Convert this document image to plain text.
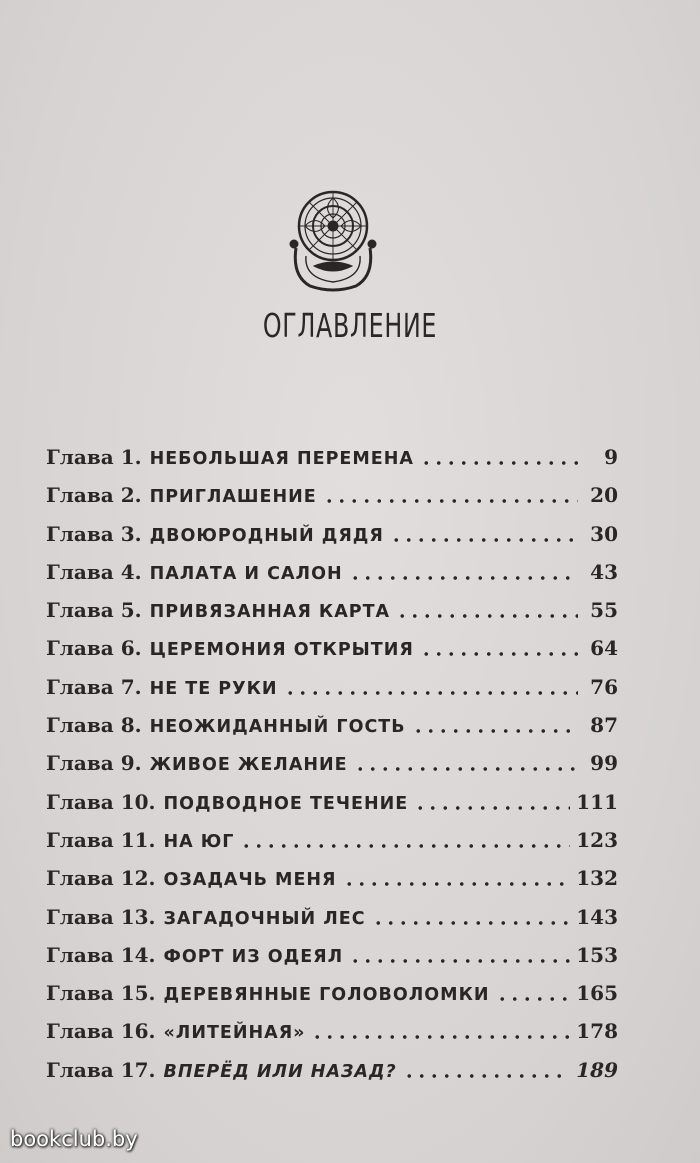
ОГЛАВЛЕНИЕ
Глава 1. НЕБОЛЬШАЯ ПЕРЕМЕНА	9
Глава 2. ПРИГЛАШЕНИЕ	20
Глава 3. ДВОЮРОДНЫЙ ДЯДЯ	30
Глава 4. ПАЛАТА И САЛОН	43
Глава 5. ПРИВЯЗАННАЯ КАРТА	55
Глава 6. ЦЕРЕМОНИЯ ОТКРЫТИЯ	64
Глава 7. НЕ ТЕ РУКИ	76
Глава 8. НЕОЖИДАННЫЙ ГОСТЬ	87
Глава 9. ЖИВОЕ ЖЕЛАНИЕ	99
Глава 10. ПОДВОДНОЕ ТЕЧЕНИЕ	111
Глава 11. НА ЮГ	123
Глава 12. ОЗАДАЧЬ МЕНЯ	132
Глава 13. ЗАГАДОЧНЫЙ ЛЕС	143
Глава 14. ФОРТ ИЗ ОДЕЯЛ	153
Глава 15. ДЕРЕВЯННЫЕ ГОЛОВОЛОМКИ	165
Глава 16. «ЛИТЕЙНАЯ»	178
Глава 17. ВПЕРЁД ИЛИ НАЗАД?	189
bookclub.by
